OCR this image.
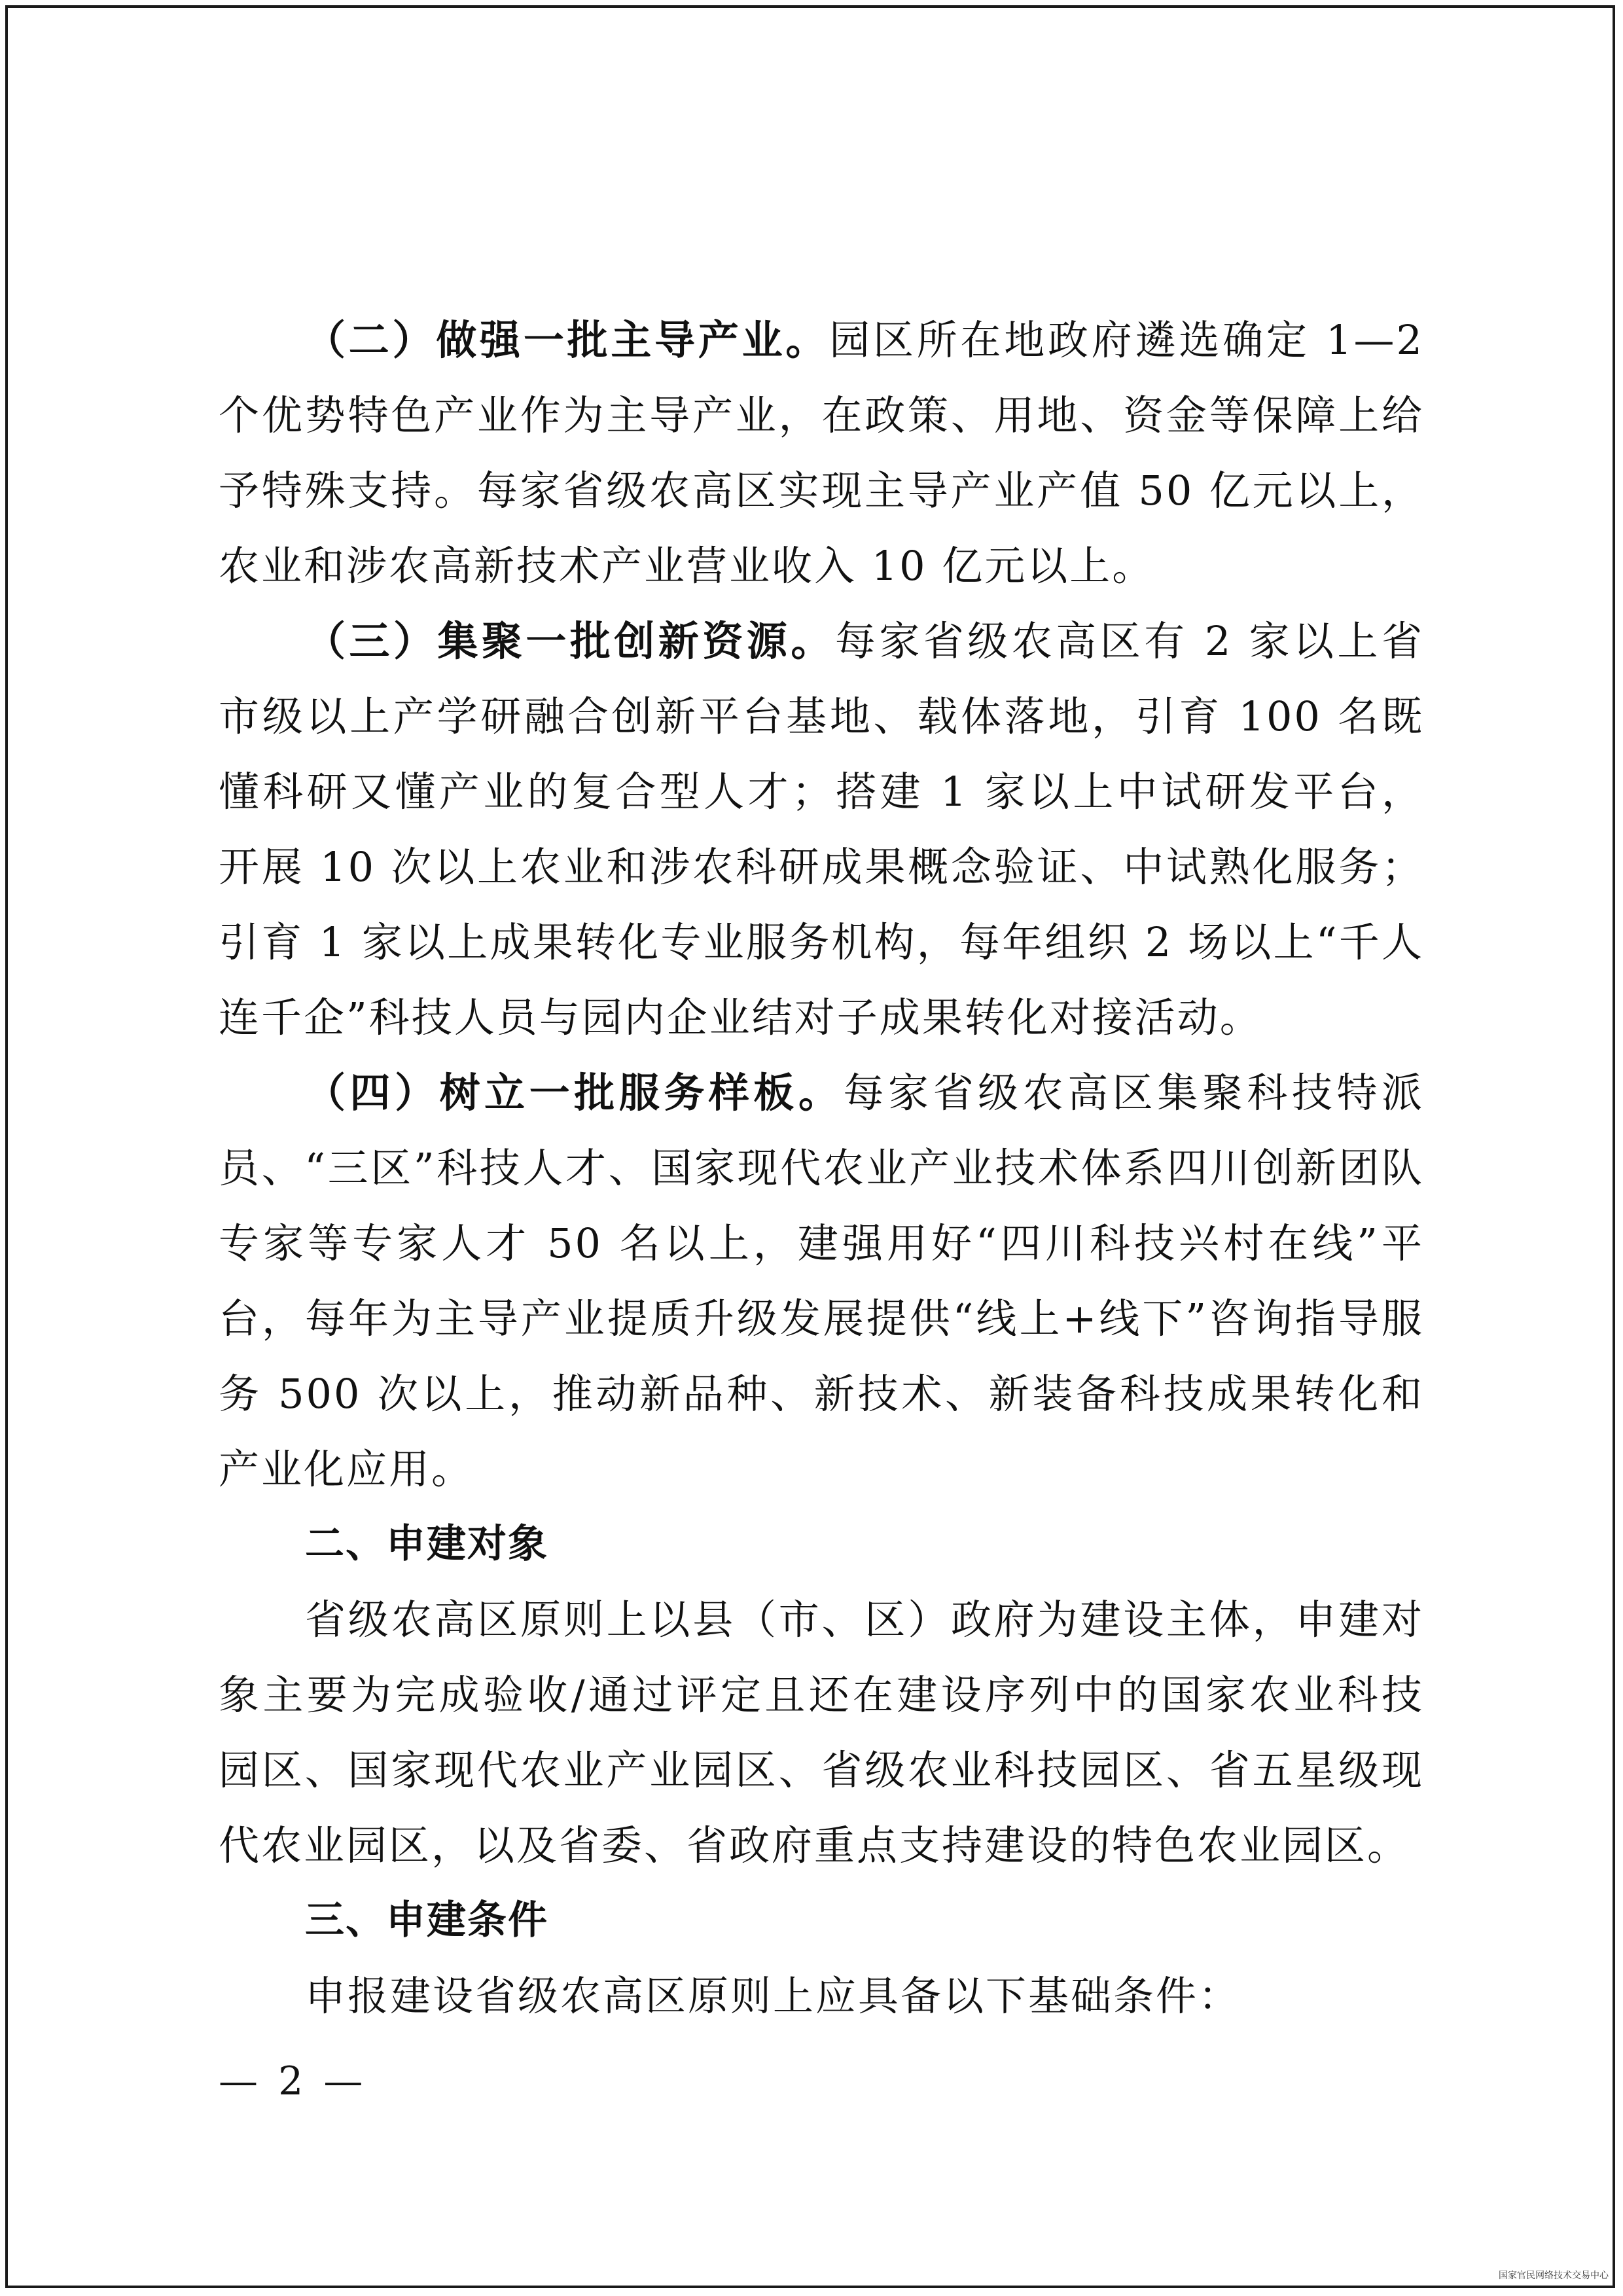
（二）做强一批主导产业。园区所在地政府遴选确定 1—2 个优势特色产业作为主导产业，在政策、用地、资金等保障上给予特殊支持。每家省级农高区实现主导产业产值 50 亿元以上，农业和涉农高新技术产业营业收入 10 亿元以上。

（三）集聚一批创新资源。每家省级农高区有 2 家以上省市级以上产学研融合创新平台基地、载体落地，引育 100 名既懂科研又懂产业的复合型人才；搭建 1 家以上中试研发平台，开展 10 次以上农业和涉农科研成果概念验证、中试熟化服务；引育 1 家以上成果转化专业服务机构，每年组织 2 场以上“千人连千企”科技人员与园内企业结对子成果转化对接活动。

（四）树立一批服务样板。每家省级农高区集聚科技特派员、“三区”科技人才、国家现代农业产业技术体系四川创新团队专家等专家人才 50 名以上，建强用好“四川科技兴村在线”平台，每年为主导产业提质升级发展提供“线上+线下”咨询指导服务 500 次以上，推动新品种、新技术、新装备科技成果转化和产业化应用。

二、申建对象

省级农高区原则上以县（市、区）政府为建设主体，申建对象主要为完成验收/通过评定且还在建设序列中的国家农业科技园区、国家现代农业产业园区、省级农业科技园区、省五星级现代农业园区，以及省委、省政府重点支持建设的特色农业园区。

三、申建条件

申报建设省级农高区原则上应具备以下基础条件：

— 2 —
国家官民网络技术交易中心
